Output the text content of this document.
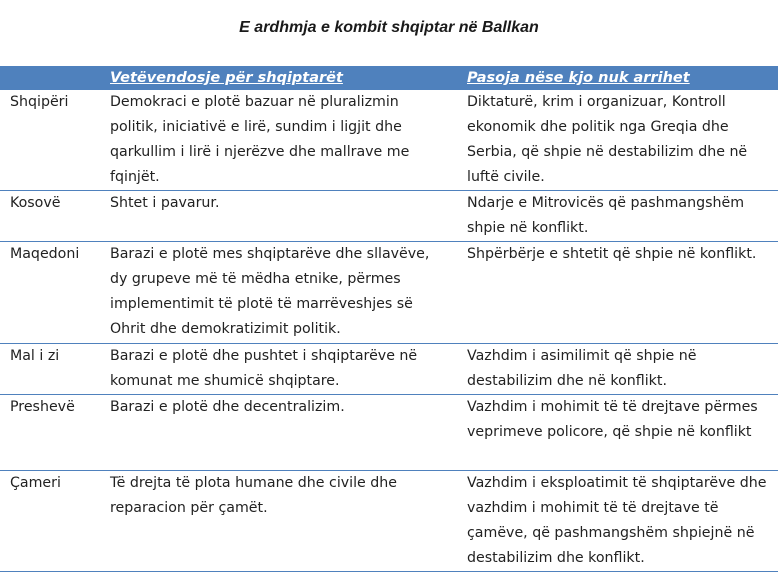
E ardhmja e kombit shqiptar në Ballkan
	Vetëvendosje për shqiptarët	Pasoja nëse kjo nuk arrihet
Shqipëri	Demokraci e plotë bazuar në pluralizmin politik, iniciativë e lirë, sundim i ligjit dhe qarkullim i lirë i njerëzve dhe mallrave me fqinjët.	Diktaturë, krim i organizuar, Kontroll ekonomik dhe politik nga Greqia dhe Serbia, që shpie në destabilizim dhe në luftë civile.
Kosovë	Shtet i pavarur.	Ndarje e Mitrovicës që pashmangshëm shpie në konflikt.
Maqedoni	Barazi e plotë mes shqiptarëve dhe sllavëve, dy grupeve më të mëdha etnike, përmes implementimit të plotë të marrëveshjes së Ohrit dhe demokratizimit politik.	Shpërbërje e shtetit që shpie në konflikt.
Mal i zi	Barazi e plotë dhe pushtet i shqiptarëve në komunat me shumicë shqiptare.	Vazhdim i asimilimit që shpie në destabilizim dhe në konflikt.
Preshevë	Barazi e plotë dhe decentralizim.	Vazhdim i mohimit të të drejtave përmes veprimeve policore, që shpie në konflikt
Çameri	Të drejta të plota humane dhe civile dhe reparacion për çamët.	Vazhdim i eksploatimit të shqiptarëve dhe vazhdim i mohimit të të drejtave të çamëve, që pashmangshëm shpiejnë në destabilizim dhe konflikt.
